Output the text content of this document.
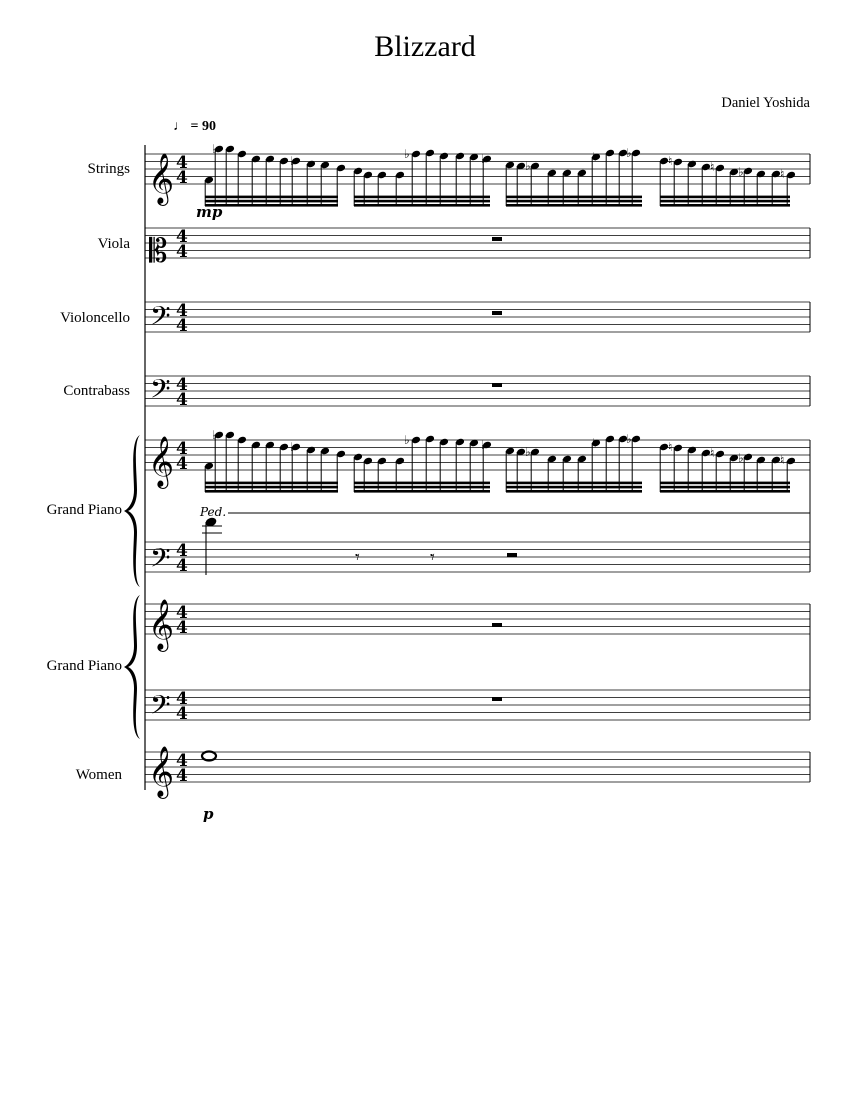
Blizzard
Daniel Yoshida
♩ = 90
Strings
Viola
Violoncello
Contrabass
Grand Piano
Grand Piano
Women
𝄞
𝄞
𝄞
𝄞
𝄡
𝄢
𝄢
𝄢
𝄢
4
4
4
4
4
4
4
4
4
4
4
4
4
4
4
4
4
4
♭
♭	♭	♭	♭
♮ ♭
♮	♮ ♭	♮
♭
♭	♭	♭	♭
♮ ♭
♮	♮ ♭	♮
𝄾	𝄾
Ped.
mp
p
